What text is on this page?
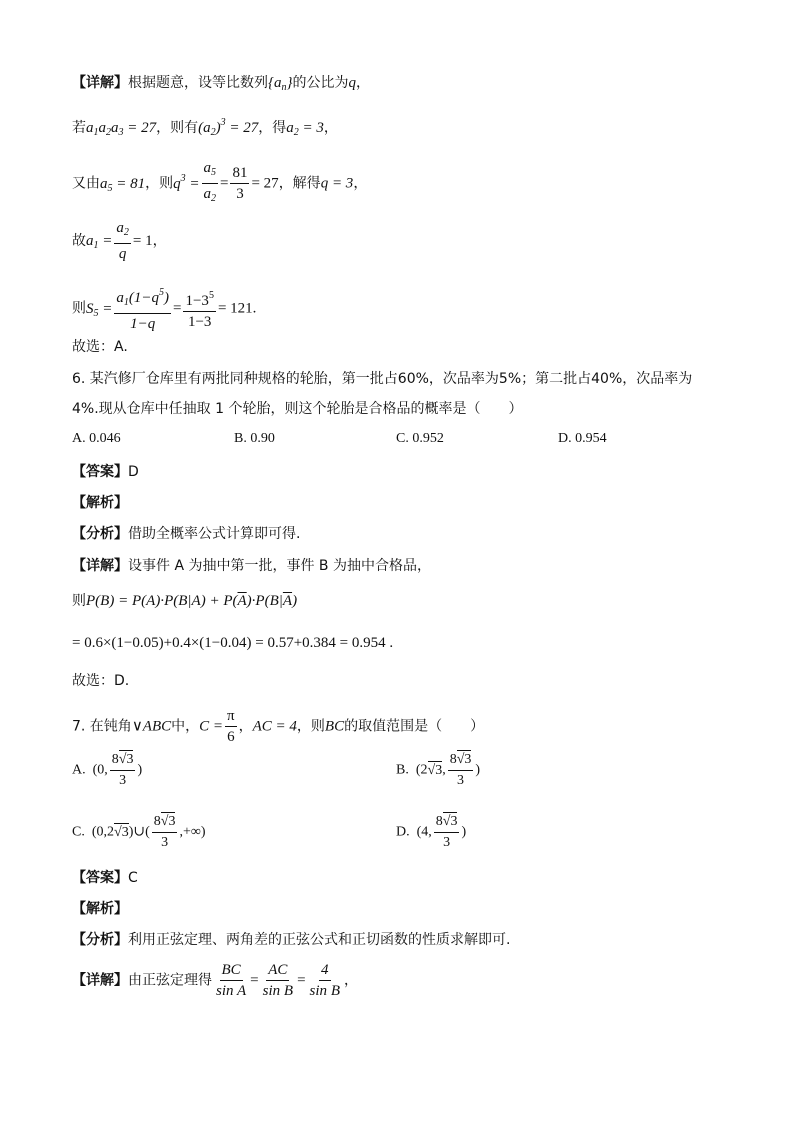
【详解】根据题意，设等比数列$\{a_n\}$的公比为q，
若$a_1a_2a_3 = 27$，则有$(a_2)^3 = 27$，得$a_2 = 3$，
又由$a_5 = 81$，则$q^3 = \frac{a_5}{a_2} = \frac{81}{3} = 27$，解得q = 3，
故$a_1 = \frac{a_2}{q} = 1$，
则$S_5 = \frac{a_1(1-q^5)}{1-q} = \frac{1-3^5}{1-3} = 121$.
故选：A.
6. 某汽修厂仓库里有两批同种规格的轮胎，第一批占60%，次品率为5%；第二批占40%，次品率为
4%.现从仓库中任抽取 1 个轮胎，则这个轮胎是合格品的概率是（　　）
A. 0.046	B. 0.90	C. 0.952	D. 0.954
【答案】D
【解析】
【分析】借助全概率公式计算即可得.
【详解】设事件 A 为抽中第一批，事件 B 为抽中合格品，
则$P(B) = P(A)\cdot P(B|A) + P(\overline{A})\cdot P(B|\overline{A})$
= 0.6×(1−0.05)+0.4×(1−0.04) = 0.57+0.384 = 0.954 .
故选：D.
7. 在钝角∨ABC中，$C = \frac{\pi}{6}$ ，AC = 4，则BC的取值范围是（　　）
A.  (0, $\frac{8√3}{3}$ )	B.  (2√3, $\frac{8√3}{3}$ )
C.  (0,2√3)∪( $\frac{8√3}{3}$ ,+∞)	D.  (4, $\frac{8√3}{3}$ )
【答案】C
【解析】
【分析】利用正弦定理、两角差的正弦公式和正切函数的性质求解即可.
【详解】由正弦定理得 $\frac{BC}{\text{sin A}} = \frac{AC}{\text{sin B}} = \frac{4}{\text{sin B}}$ ，
